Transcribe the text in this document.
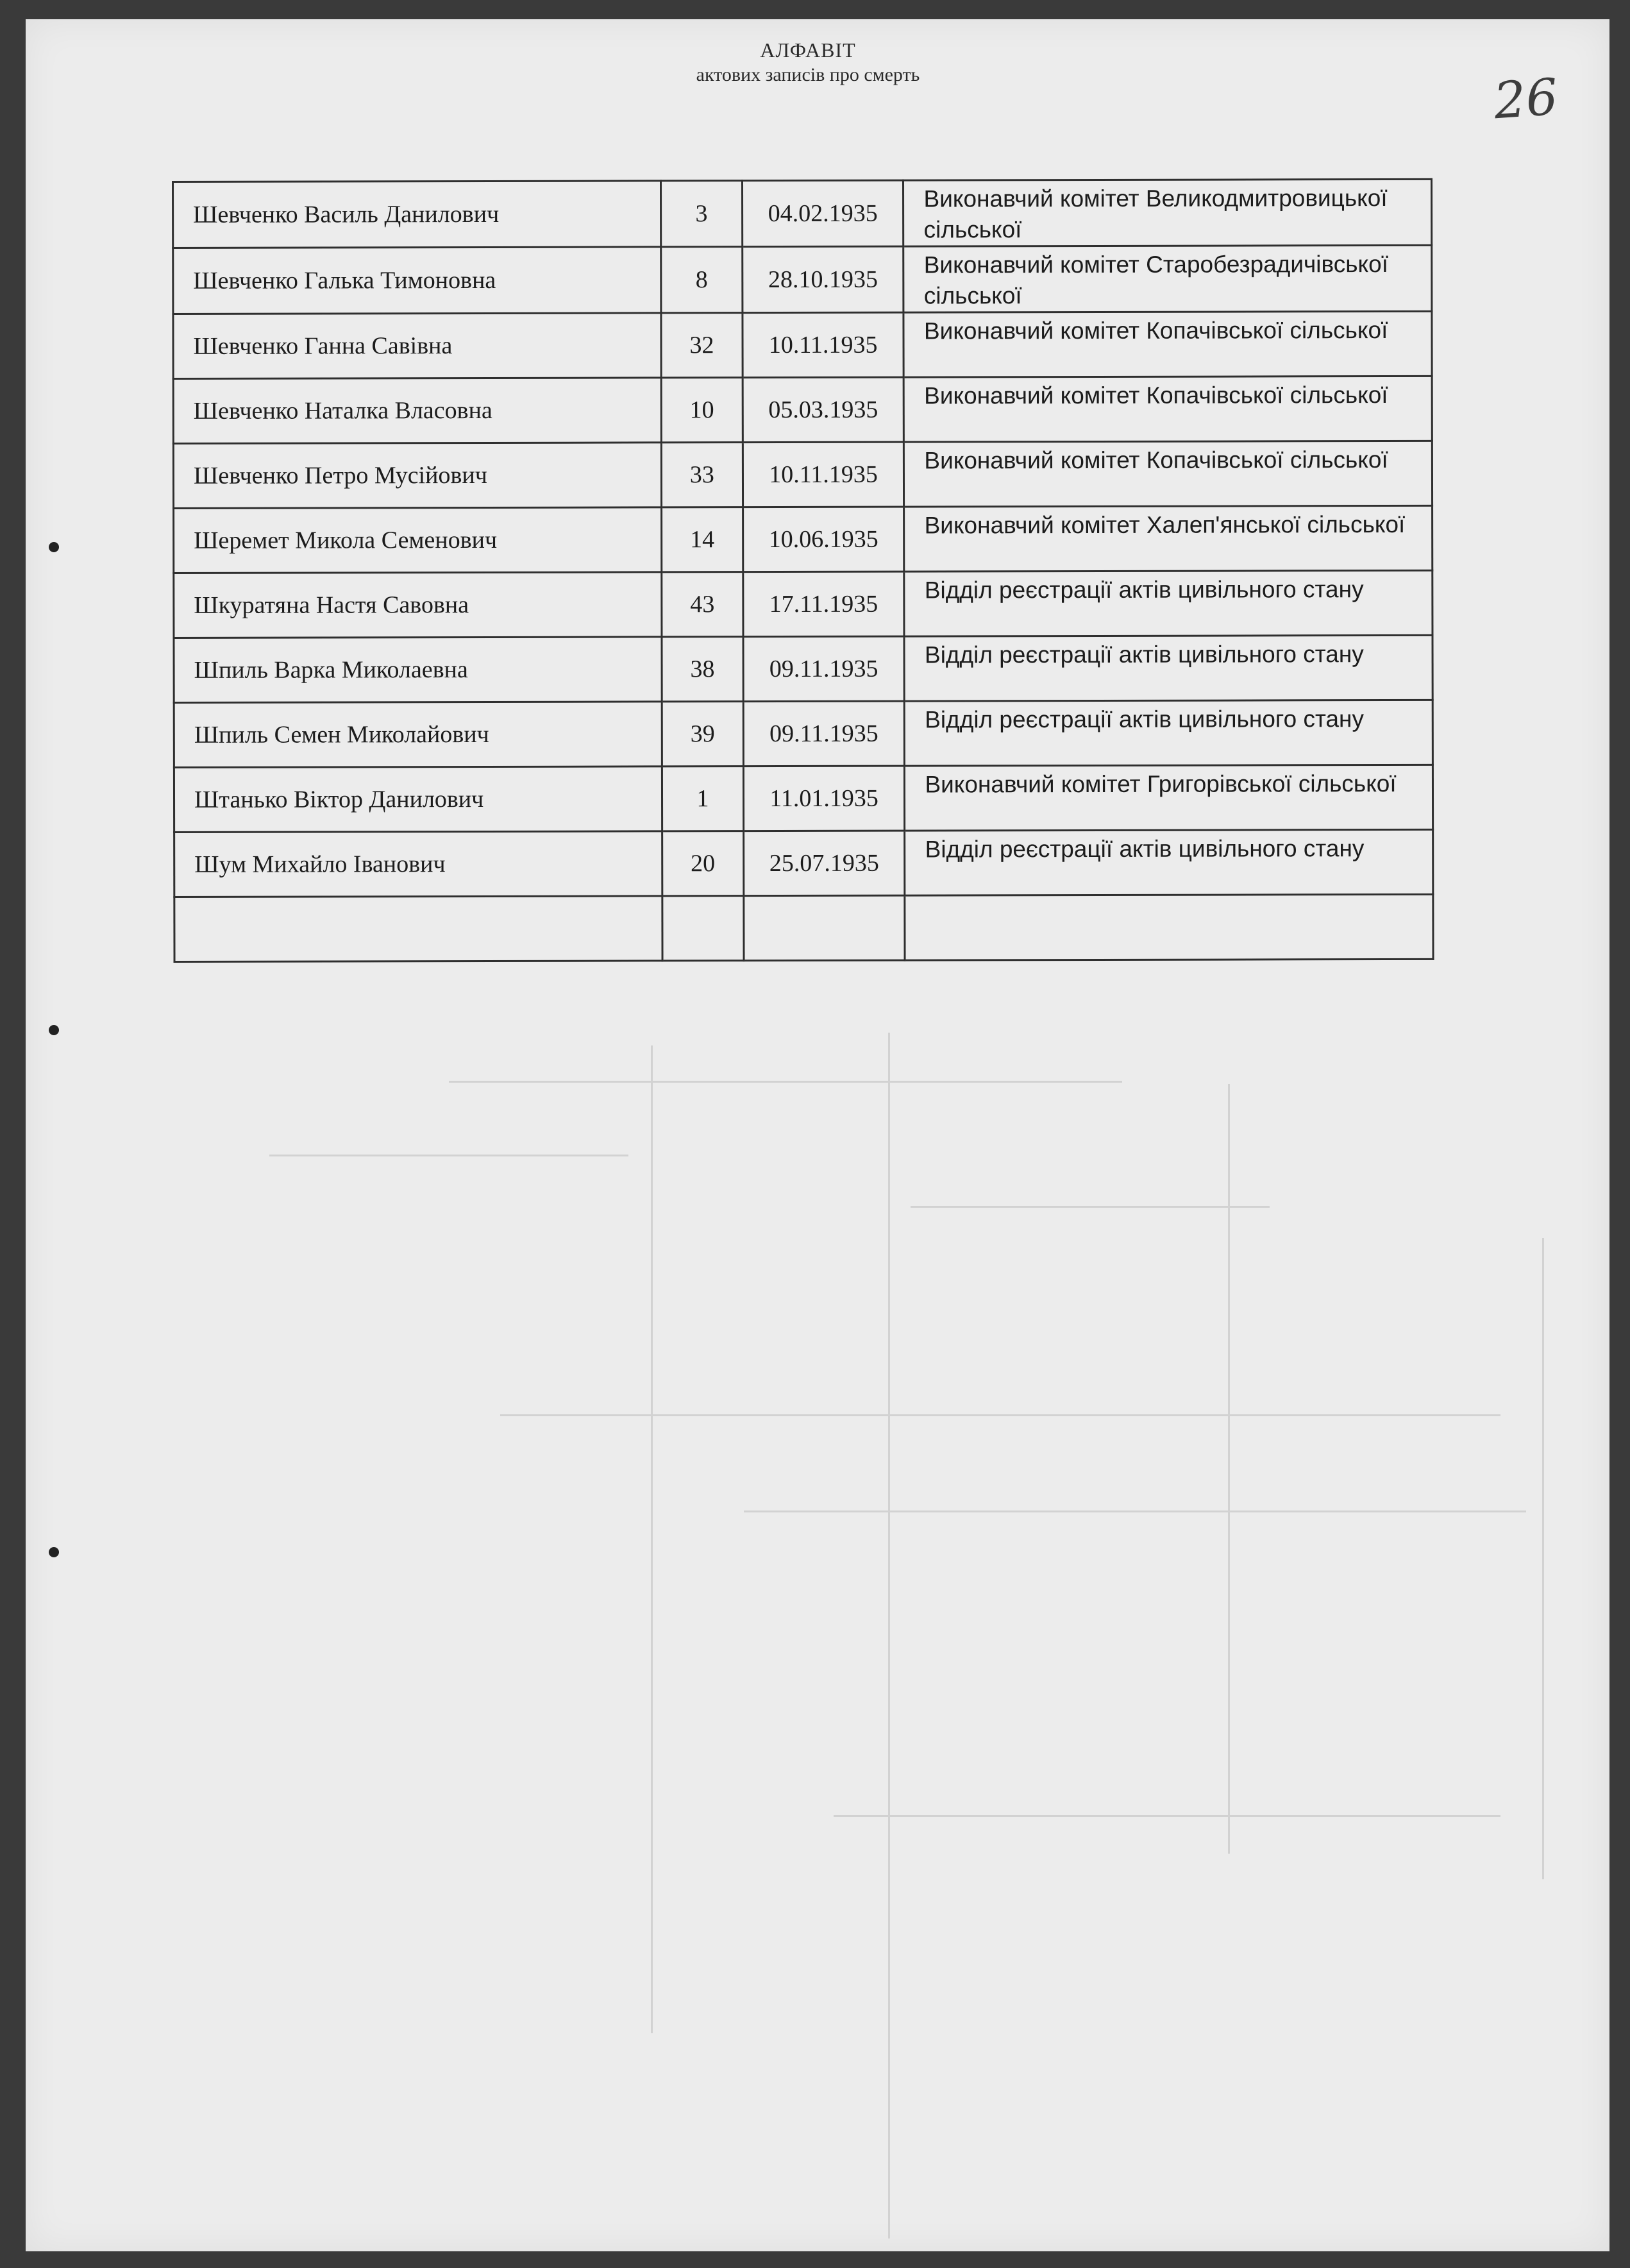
АЛФАВІТ
актових записів про смерть	26
Шевченко Василь Данилович	3	04.02.1935	Виконавчий комітет Великодмитровицької сільської
Шевченко Галька Тимоновна	8	28.10.1935	Виконавчий комітет Старобезрадичівської сільської
Шевченко Ганна Савівна	32	10.11.1935	Виконавчий комітет Копачівської сільської
Шевченко Наталка Власовна	10	05.03.1935	Виконавчий комітет Копачівської сільської
Шевченко Петро Мусійович	33	10.11.1935	Виконавчий комітет Копачівської сільської
Шеремет Микола Семенович	14	10.06.1935	Виконавчий комітет Халеп'янської сільської
Шкуратяна Настя Савовна	43	17.11.1935	Відділ реєстрації актів цивільного стану
Шпиль Варка Миколаевна	38	09.11.1935	Відділ реєстрації актів цивільного стану
Шпиль Семен Миколайович	39	09.11.1935	Відділ реєстрації актів цивільного стану
Штанько Віктор Данилович	1	11.01.1935	Виконавчий комітет Григорівської сільської
Шум Михайло Іванович	20	25.07.1935	Відділ реєстрації актів цивільного стану
